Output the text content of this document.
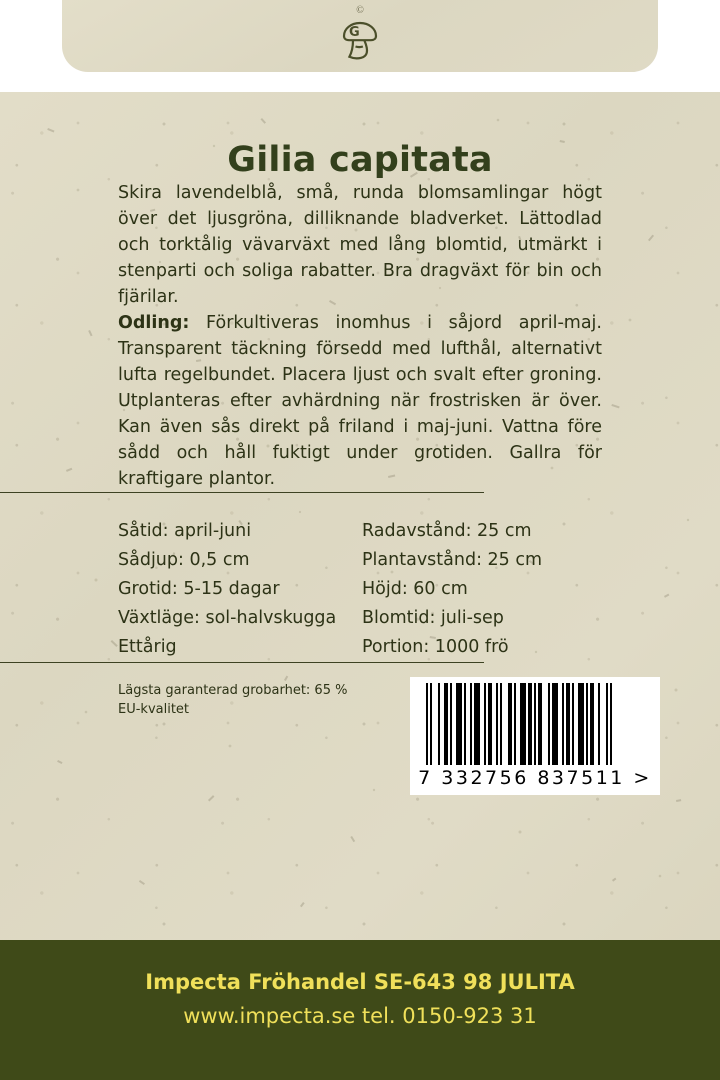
©
G
Gilia capitata

Skira lavendelblå, små, runda blomsamlingar högt över det ljusgröna, dilliknande bladverket. Lättodlad och torktålig vävarväxt med lång blomtid, utmärkt i stenparti och soliga rabatter. Bra dragväxt för bin och fjärilar.

Odling: Förkultiveras inomhus i såjord april-maj. Transparent täckning försedd med lufthål, alternativt lufta regelbundet. Placera ljust och svalt efter groning. Utplanteras efter avhärdning när frostrisken är över. Kan även sås direkt på friland i maj-juni. Vattna före sådd och håll fuktigt under grotiden. Gallra för kraftigare plantor.

Såtid: april-juni
Sådjup: 0,5 cm
Grotid: 5-15 dagar
Växtläge: sol-halvskugga
Ettårig
Radavstånd: 25 cm
Plantavstånd: 25 cm
Höjd: 60 cm
Blomtid: juli-sep
Portion: 1000 frö
Lägsta garanterad grobarhet: 65 %
EU-kvalitet
7 332756 837511 >
Impecta Fröhandel SE-643 98 JULITA
www.impecta.se tel. 0150-923 31
